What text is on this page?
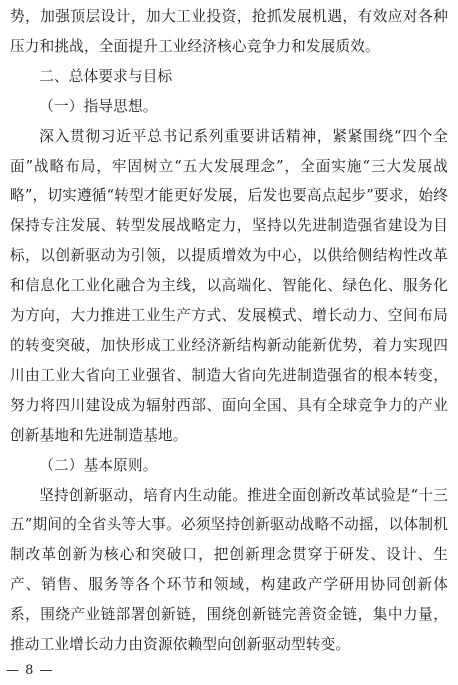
势，加强顶层设计，加大工业投资，抢抓发展机遇，有效应对各种压力和挑战，全面提升工业经济核心竞争力和发展质效。

二、总体要求与目标

（一）指导思想。

深入贯彻习近平总书记系列重要讲话精神，紧紧围绕“四个全面”战略布局，牢固树立“五大发展理念”，全面实施“三大发展战略”，切实遵循“转型才能更好发展，后发也要高点起步”要求，始终保持专注发展、转型发展战略定力，坚持以先进制造强省建设为目标，以创新驱动为引领，以提质增效为中心，以供给侧结构性改革和信息化工业化融合为主线，以高端化、智能化、绿色化、服务化为方向，大力推进工业生产方式、发展模式、增长动力、空间布局的转变突破，加快形成工业经济新结构新动能新优势，着力实现四川由工业大省向工业强省、制造大省向先进制造强省的根本转变，努力将四川建设成为辐射西部、面向全国、具有全球竞争力的产业创新基地和先进制造基地。

（二）基本原则。

坚持创新驱动，培育内生动能。推进全面创新改革试验是“十三五”期间的全省头等大事。必须坚持创新驱动战略不动摇，以体制机制改革创新为核心和突破口，把创新理念贯穿于研发、设计、生产、销售、服务等各个环节和领域，构建政产学研用协同创新体系，围绕产业链部署创新链，围绕创新链完善资金链，集中力量，推动工业增长动力由资源依赖型向创新驱动型转变。

— 8 —
